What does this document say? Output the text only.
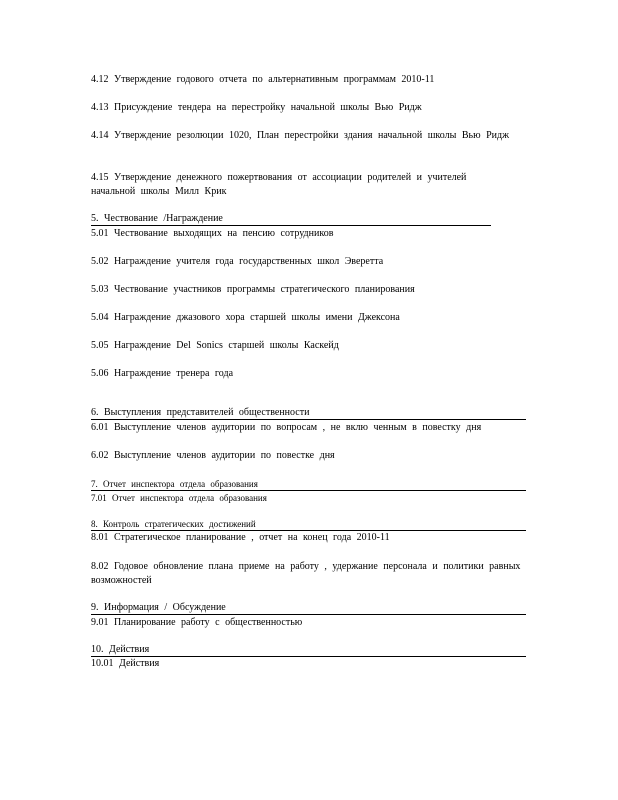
4.12 Утверждение годового отчета по альтернативным программам 2010-11
4.13 Присуждение тендера на перестройку начальной школы Вью Ридж
4.14 Утверждение резолюции 1020, План перестройки здания начальной школы Вью Ридж
4.15 Утверждение денежного пожертвования от ассоциации родителей и учителей начальной школы Милл Крик
5. Чествование /Награждение
5.01 Чествование выходящих на пенсию сотрудников
5.02 Награждение учителя года государственных школ Эверетта
5.03 Чествование участников программы стратегического планирования
5.04 Награждение джазового хора старшей школы имени Джексона
5.05 Награждение Del Sonics старшей школы Каскейд
5.06 Награждение тренера года
6. Выступления представителей общественности
6.01 Выступление членов аудитории по вопросам , не вклю ченным в повестку дня
6.02 Выступление членов аудитории по повестке дня
7. Отчет инспектора отдела образования
7.01 Отчет инспектора отдела образования
8. Контроль стратегических достижений
8.01 Стратегическое планирование , отчет на конец года 2010-11
8.02 Годовое обновление плана приеме на работу , удержание персонала и политики равных возможностей
9. Информация / Обсуждение
9.01 Планирование работу с общественностью
10. Действия
10.01 Действия
